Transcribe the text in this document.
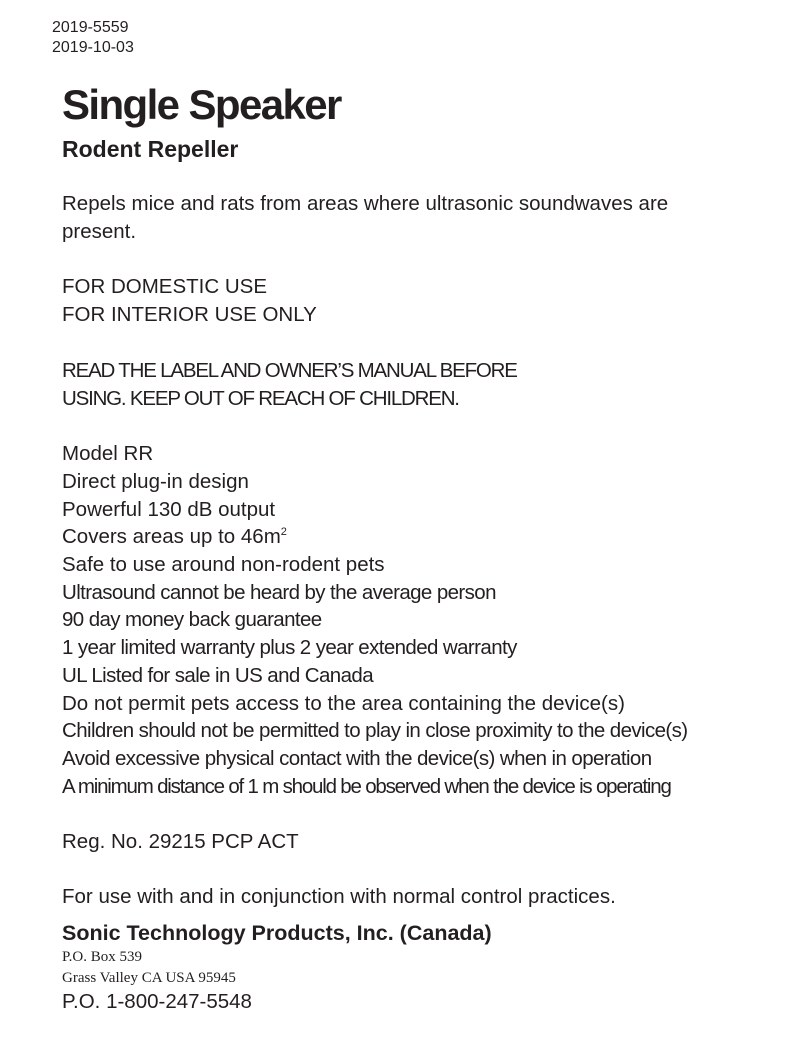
2019-5559
2019-10-03
Single Speaker
Rodent Repeller
Repels mice and rats from areas where ultrasonic soundwaves are
present.
FOR DOMESTIC USE
FOR INTERIOR USE ONLY
READ THE LABEL AND OWNER’S MANUAL BEFORE
USING. KEEP OUT OF REACH OF CHILDREN.
Model RR
Direct plug-in design
Powerful 130 dB output
Covers areas up to $46m^2$
Safe to use around non-rodent pets
Ultrasound cannot be heard by the average person
90 day money back guarantee
1 year limited warranty plus 2 year extended warranty
UL Listed for sale in US and Canada
Do not permit pets access to the area containing the device(s)
Children should not be permitted to play in close proximity to the device(s)
Avoid excessive physical contact with the device(s) when in operation
A minimum distance of 1 m should be observed when the device is operating
Reg. No. 29215 PCP ACT
For use with and in conjunction with normal control practices.
Sonic Technology Products, Inc. (Canada)
P.O. Box 539
Grass Valley CA USA 95945
P.O. 1-800-247-5548
